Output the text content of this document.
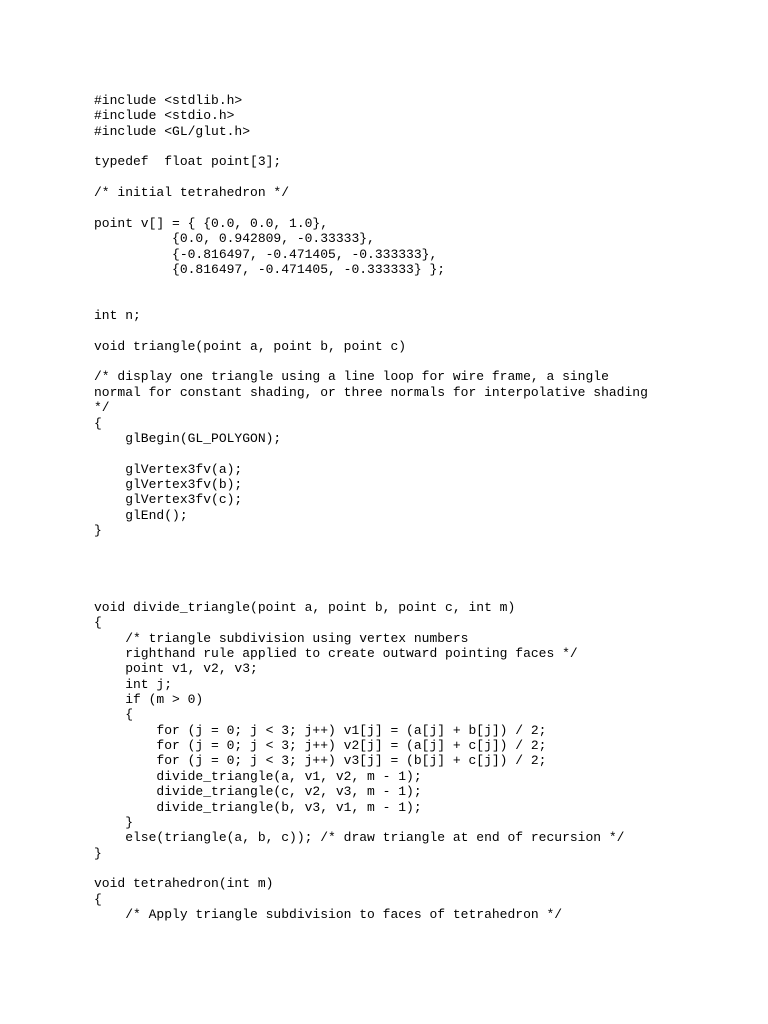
#include <stdlib.h>
#include <stdio.h>
#include <GL/glut.h>
typedef  float point[3];
/* initial tetrahedron */
point v[] = { {0.0, 0.0, 1.0},
{0.0, 0.942809, -0.33333},
{-0.816497, -0.471405, -0.333333},
{0.816497, -0.471405, -0.333333} };
int n;
void triangle(point a, point b, point c)
/* display one triangle using a line loop for wire frame, a single
normal for constant shading, or three normals for interpolative shading
*/
{
glBegin(GL_POLYGON);
glVertex3fv(a);
glVertex3fv(b);
glVertex3fv(c);
glEnd();
}
void divide_triangle(point a, point b, point c, int m)
{
/* triangle subdivision using vertex numbers
righthand rule applied to create outward pointing faces */
point v1, v2, v3;
int j;
if (m > 0)
{
for (j = 0; j < 3; j++) v1[j] = (a[j] + b[j]) / 2;
for (j = 0; j < 3; j++) v2[j] = (a[j] + c[j]) / 2;
for (j = 0; j < 3; j++) v3[j] = (b[j] + c[j]) / 2;
divide_triangle(a, v1, v2, m - 1);
divide_triangle(c, v2, v3, m - 1);
divide_triangle(b, v3, v1, m - 1);
}
else(triangle(a, b, c)); /* draw triangle at end of recursion */
}
void tetrahedron(int m)
{
/* Apply triangle subdivision to faces of tetrahedron */
